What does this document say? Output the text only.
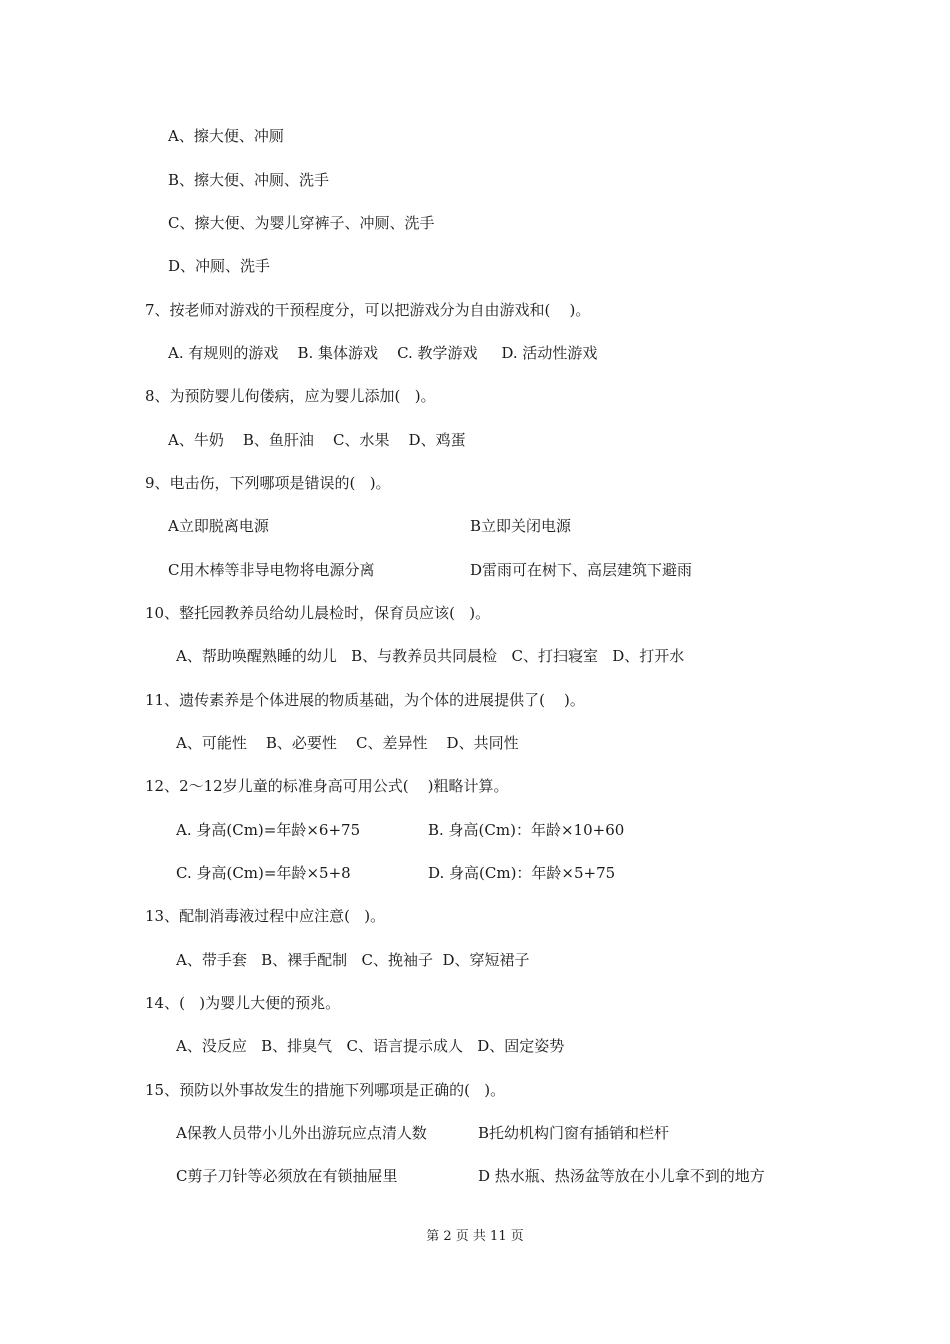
A、擦大便、冲厕
B、擦大便、冲厕、洗手
C、擦大便、为婴儿穿裤子、冲厕、洗手
D、冲厕、洗手
7、按老师对游戏的干预程度分，可以把游戏分为自由游戏和(    )。
A. 有规则的游戏    B. 集体游戏    C. 教学游戏     D. 活动性游戏
8、为预防婴儿佝偻病，应为婴儿添加(   )。
A、牛奶    B、鱼肝油    C、水果    D、鸡蛋
9、电击伤，下列哪项是错误的(   )。
A立即脱离电源	B立即关闭电源
C用木棒等非导电物将电源分离	D雷雨可在树下、高层建筑下避雨
10、整托园教养员给幼儿晨检时，保育员应该(   )。
A、帮助唤醒熟睡的幼儿   B、与教养员共同晨检   C、打扫寝室   D、打开水
11、遗传素养是个体进展的物质基础，为个体的进展提供了(    )。
A、可能性    B、必要性    C、差异性    D、共同性
12、2～12岁儿童的标准身高可用公式(    )粗略计算。
A. 身高(Cm)=年龄×6+75	B. 身高(Cm)：年龄×10+60
C. 身高(Cm)=年龄×5+8	D. 身高(Cm)：年龄×5+75
13、配制消毒液过程中应注意(   )。
A、带手套   B、裸手配制   C、挽袖子  D、穿短裙子
14、(   )为婴儿大便的预兆。
A、没反应   B、排臭气   C、语言提示成人   D、固定姿势
15、预防以外事故发生的措施下列哪项是正确的(   )。
A保教人员带小儿外出游玩应点清人数	B托幼机构门窗有插销和栏杆
C剪子刀针等必须放在有锁抽屉里	D 热水瓶、热汤盆等放在小儿拿不到的地方
第 2 页 共 11 页
